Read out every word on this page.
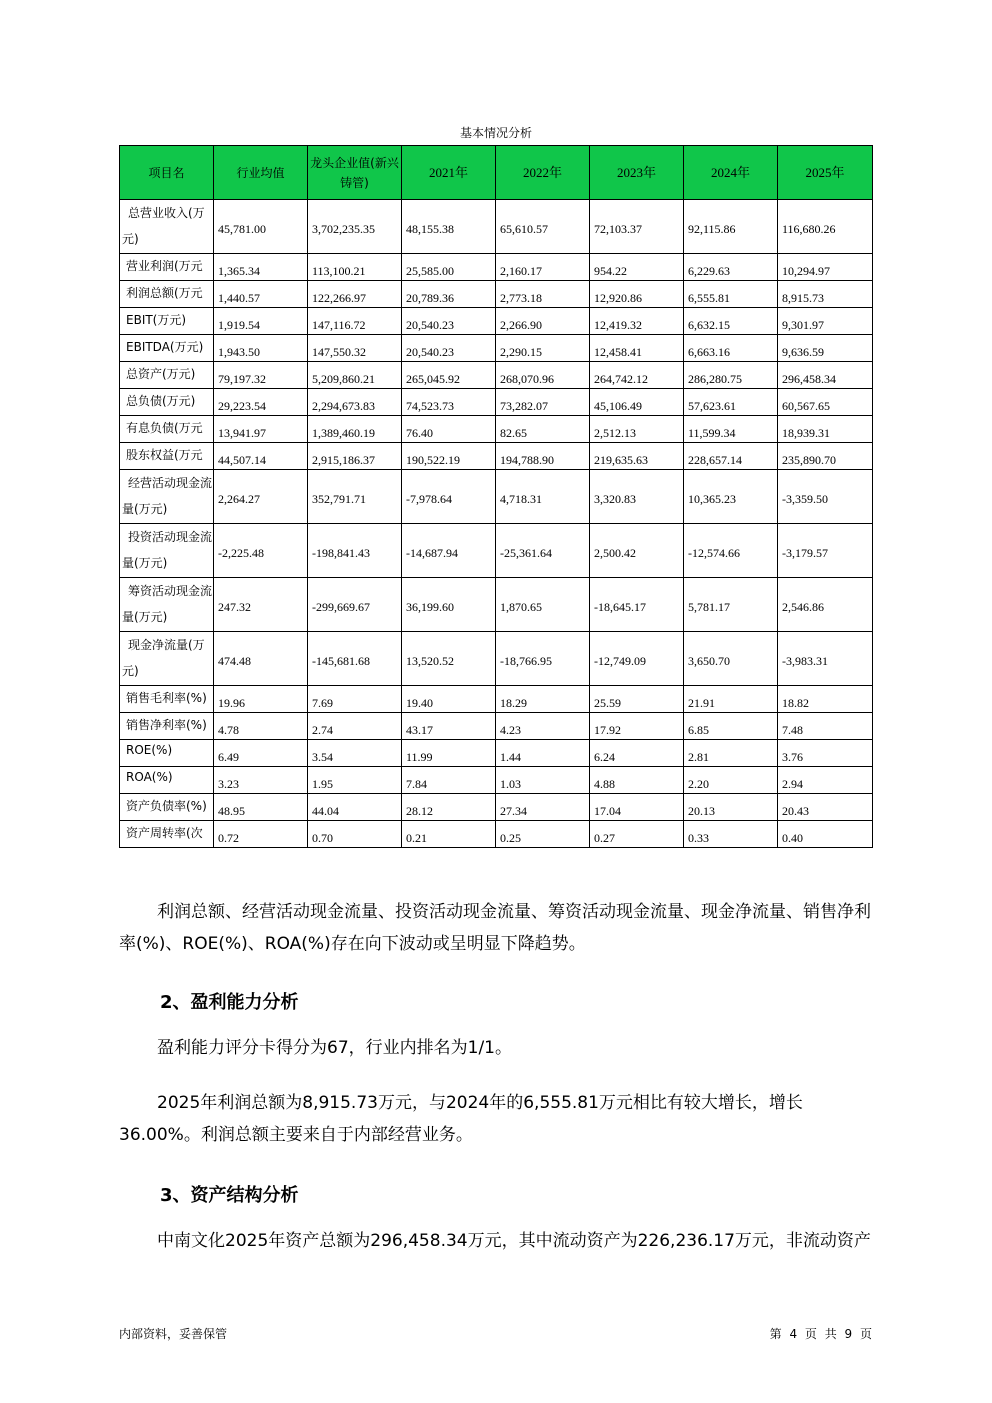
基本情况分析
项目名	行业均值	龙头企业值(新兴铸管)	2021年	2022年	2023年	2024年	2025年
总营业收入(万元)	45,781.00	3,702,235.35	48,155.38	65,610.57	72,103.37	92,115.86	116,680.26
营业利润(万元	1,365.34	113,100.21	25,585.00	2,160.17	954.22	6,229.63	10,294.97
利润总额(万元	1,440.57	122,266.97	20,789.36	2,773.18	12,920.86	6,555.81	8,915.73
EBIT(万元)	1,919.54	147,116.72	20,540.23	2,266.90	12,419.32	6,632.15	9,301.97
EBITDA(万元)	1,943.50	147,550.32	20,540.23	2,290.15	12,458.41	6,663.16	9,636.59
总资产(万元)	79,197.32	5,209,860.21	265,045.92	268,070.96	264,742.12	286,280.75	296,458.34
总负债(万元)	29,223.54	2,294,673.83	74,523.73	73,282.07	45,106.49	57,623.61	60,567.65
有息负债(万元	13,941.97	1,389,460.19	76.40	82.65	2,512.13	11,599.34	18,939.31
股东权益(万元	44,507.14	2,915,186.37	190,522.19	194,788.90	219,635.63	228,657.14	235,890.70
经营活动现金流量(万元)	2,264.27	352,791.71	-7,978.64	4,718.31	3,320.83	10,365.23	-3,359.50
投资活动现金流量(万元)	-2,225.48	-198,841.43	-14,687.94	-25,361.64	2,500.42	-12,574.66	-3,179.57
筹资活动现金流量(万元)	247.32	-299,669.67	36,199.60	1,870.65	-18,645.17	5,781.17	2,546.86
现金净流量(万元)	474.48	-145,681.68	13,520.52	-18,766.95	-12,749.09	3,650.70	-3,983.31
销售毛利率(%)	19.96	7.69	19.40	18.29	25.59	21.91	18.82
销售净利率(%)	4.78	2.74	43.17	4.23	17.92	6.85	7.48
ROE(%)	6.49	3.54	11.99	1.44	6.24	2.81	3.76
ROA(%)	3.23	1.95	7.84	1.03	4.88	2.20	2.94
资产负债率(%)	48.95	44.04	28.12	27.34	17.04	20.13	20.43
资产周转率(次	0.72	0.70	0.21	0.25	0.27	0.33	0.40
利润总额、经营活动现金流量、投资活动现金流量、筹资活动现金流量、现金净流量、销售净利率(%)、ROE(%)、ROA(%)存在向下波动或呈明显下降趋势。
2、盈利能力分析
盈利能力评分卡得分为67，行业内排名为1/1。
2025年利润总额为8,915.73万元，与2024年的6,555.81万元相比有较大增长，增长36.00%。利润总额主要来自于内部经营业务。
3、资产结构分析
中南文化2025年资产总额为296,458.34万元，其中流动资产为226,236.17万元，非流动资产
内部资料，妥善保管	第 4 页 共 9 页
